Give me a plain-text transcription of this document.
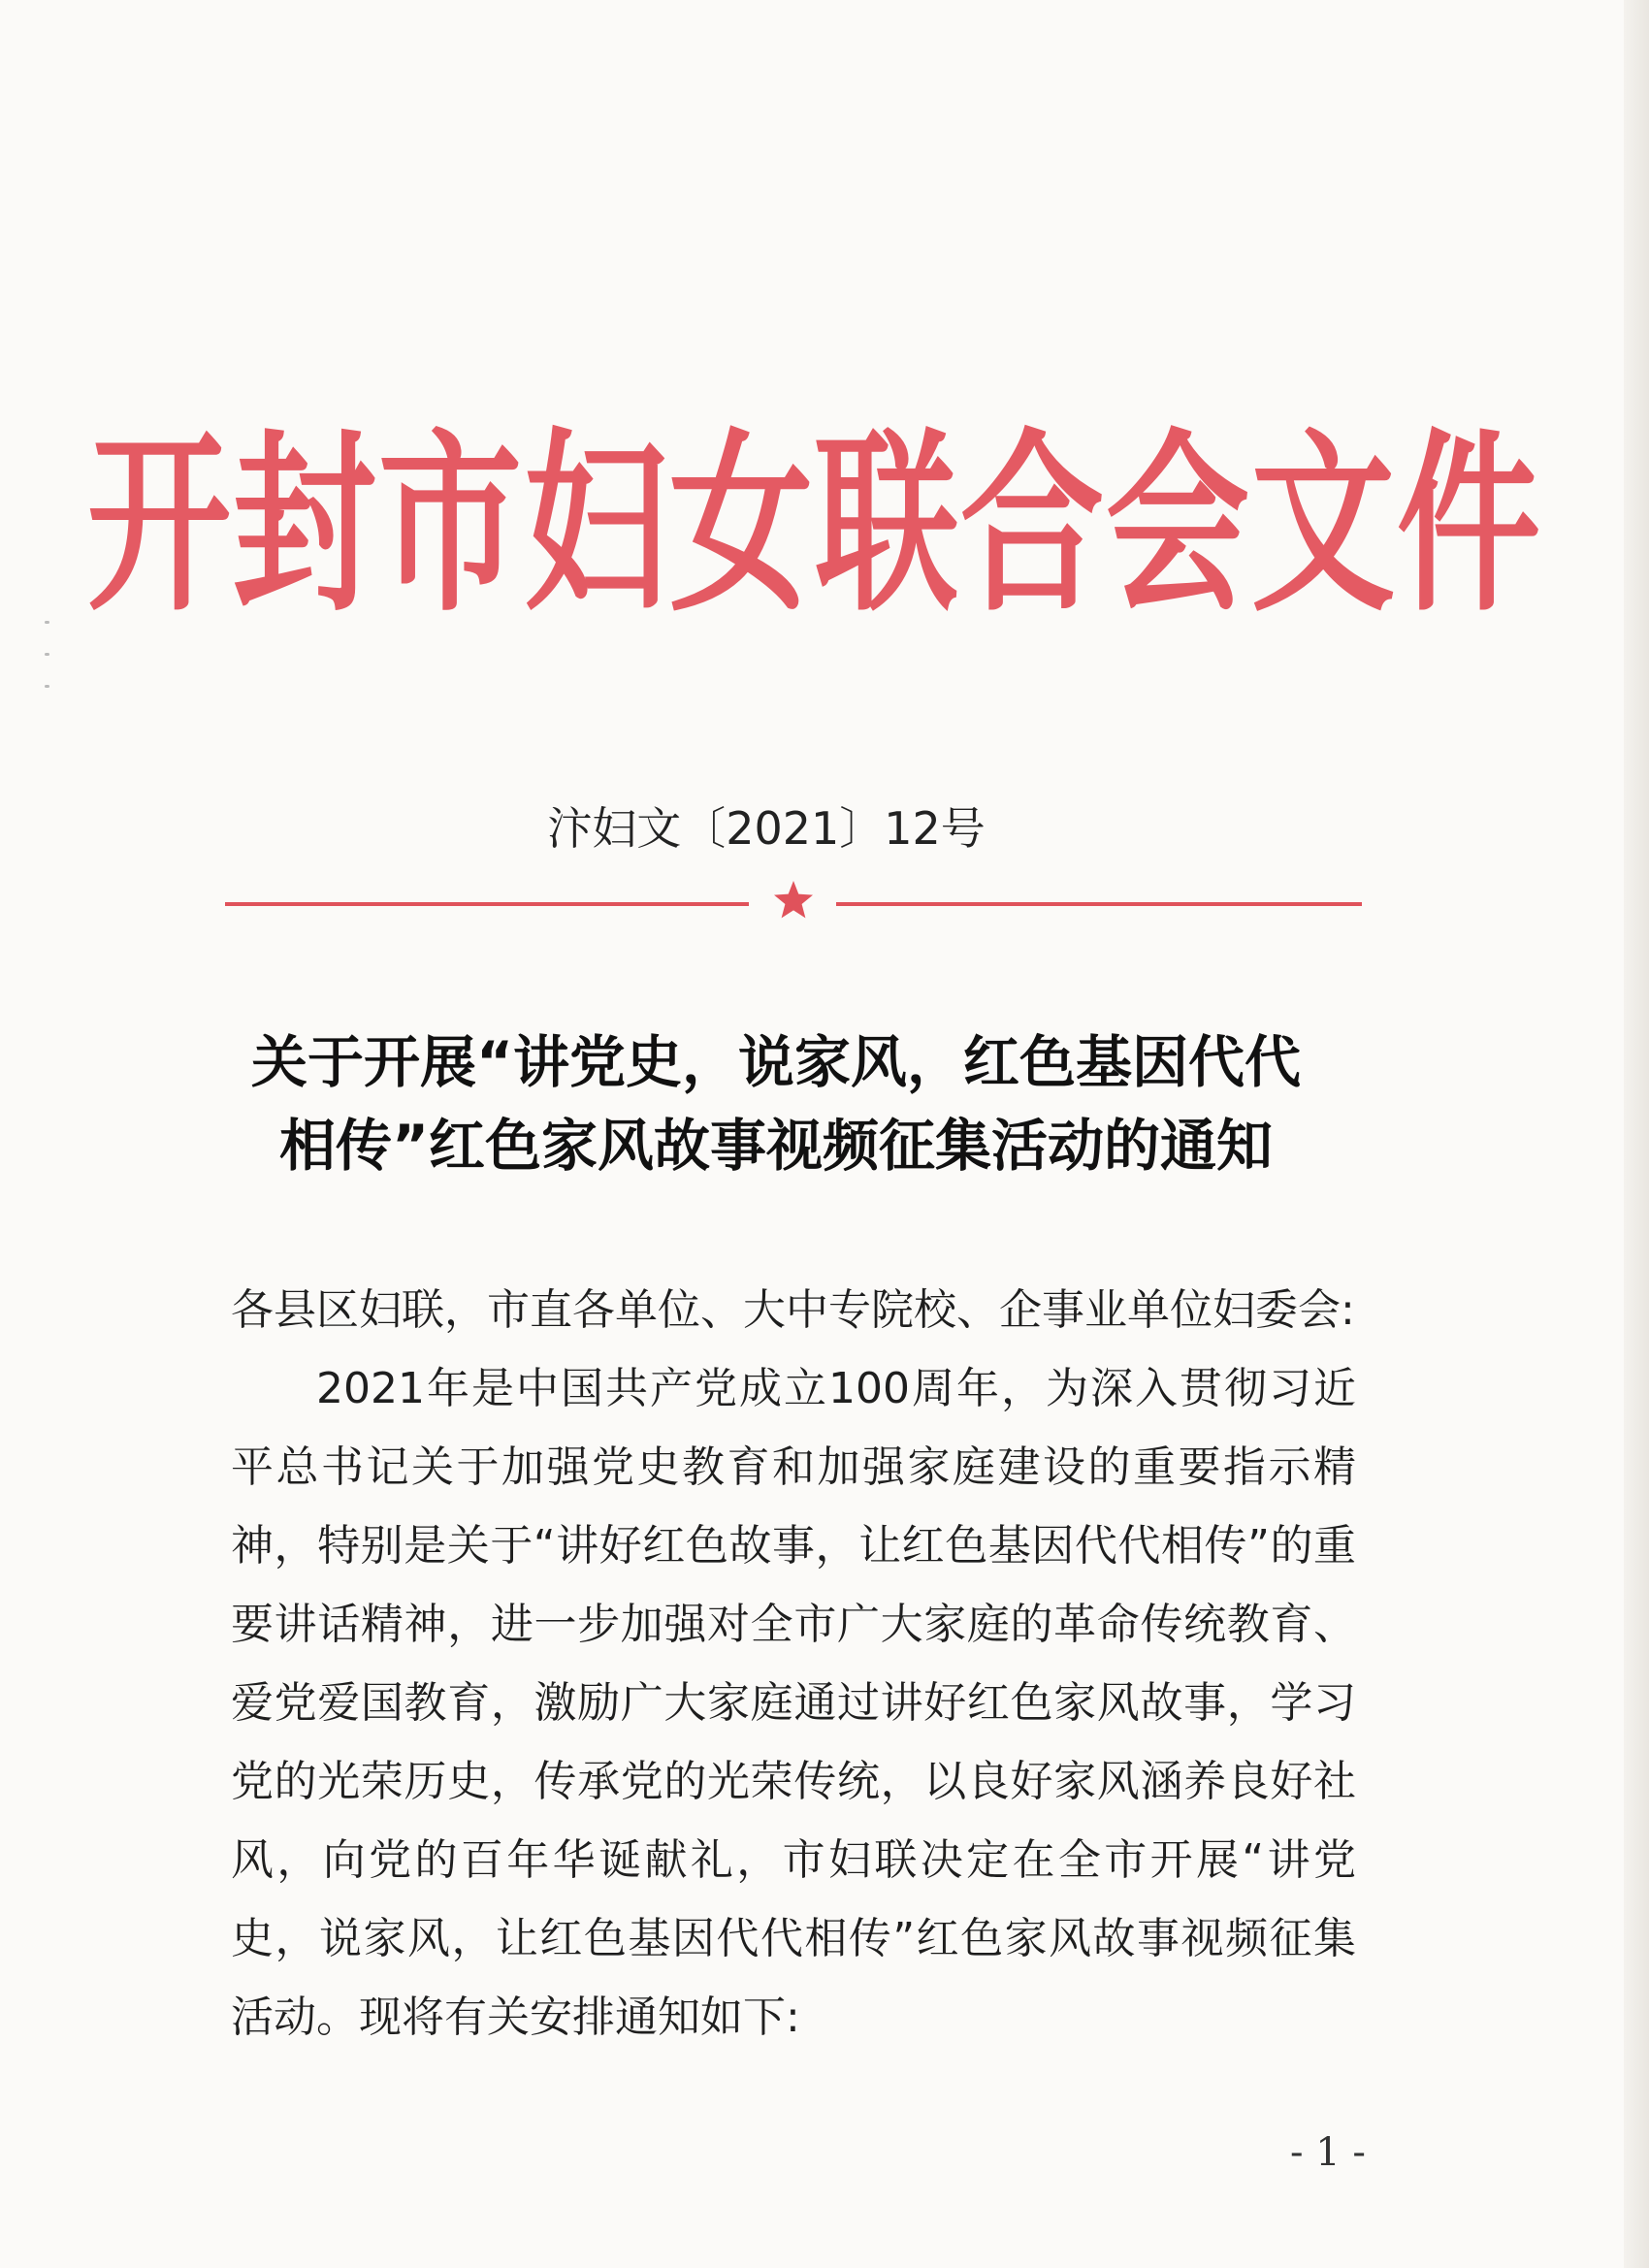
开封市妇女联合会文件
汴妇文〔2021〕12号
关于开展“讲党史，说家风，红色基因代代
相传”红色家风故事视频征集活动的通知

各县区妇联，市直各单位、大中专院校、企事业单位妇委会:

2021年是中国共产党成立100周年，为深入贯彻习近平总书记关于加强党史教育和加强家庭建设的重要指示精神，特别是关于“讲好红色故事，让红色基因代代相传”的重要讲话精神，进一步加强对全市广大家庭的革命传统教育、爱党爱国教育，激励广大家庭通过讲好红色家风故事，学习党的光荣历史，传承党的光荣传统，以良好家风涵养良好社风，向党的百年华诞献礼，市妇联决定在全市开展“讲党史，说家风，让红色基因代代相传”红色家风故事视频征集活动。现将有关安排通知如下:

- 1 -
